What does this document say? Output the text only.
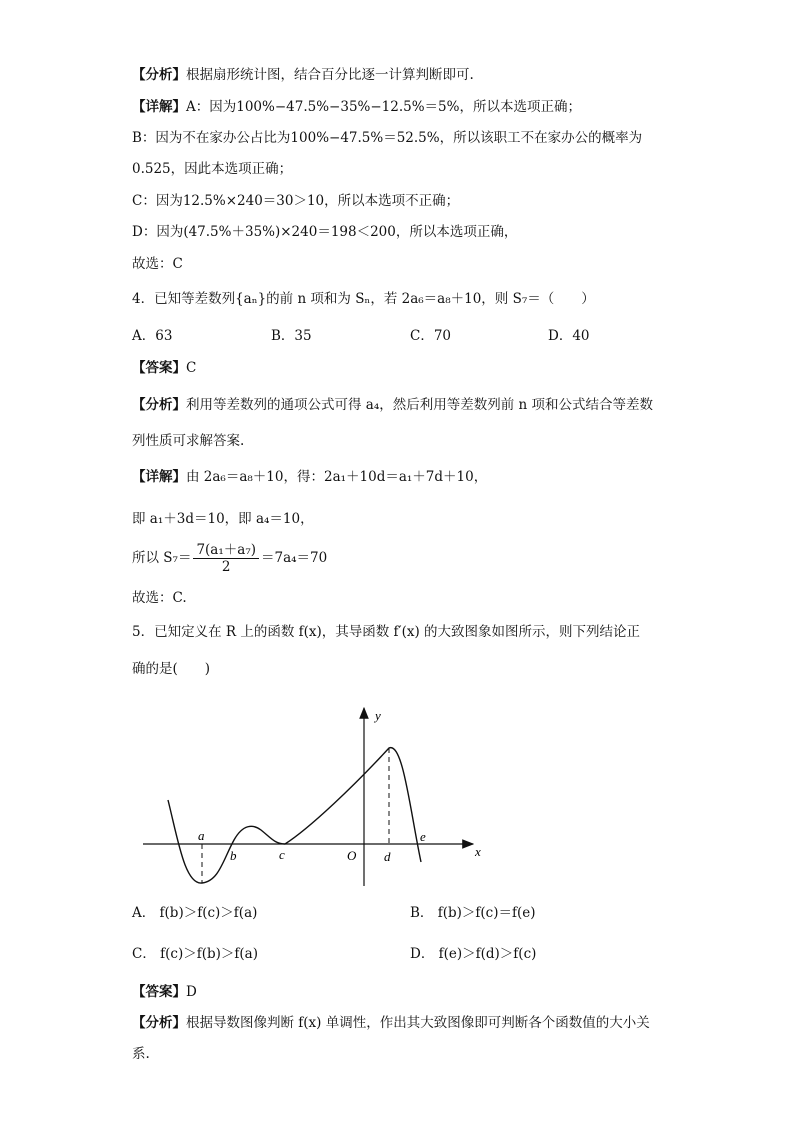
【分析】根据扇形统计图，结合百分比逐一计算判断即可.
【详解】A：因为100%−47.5%−35%−12.5%＝5%，所以本选项正确；
B：因为不在家办公占比为100%−47.5%＝52.5%，所以该职工不在家办公的概率为
0.525，因此本选项正确；
C：因为12.5%×240＝30＞10，所以本选项不正确；
D：因为(47.5%＋35%)×240＝198＜200，所以本选项正确，
故选：C
4．已知等差数列{aₙ}的前 n 项和为 Sₙ，若 2a₆＝a₈＋10，则 S₇＝（　　）
A．63	B．35	C．70	D．40
【答案】C
【分析】利用等差数列的通项公式可得 a₄，然后利用等差数列前 n 项和公式结合等差数
列性质可求解答案.
【详解】由 2a₆＝a₈＋10，得：2a₁＋10d＝a₁＋7d＋10，
即 a₁＋3d＝10，即 a₄＝10，
所以 $S_7= \frac{\text{7(a₁＋a₇)}}{2} =7a_4=70$
故选：C.
5．已知定义在 R 上的函数 f(x)，其导函数 f′(x) 的大致图象如图所示，则下列结论正
确的是(　　)
y
x
a
b	c	O d
e
A． f(b)＞f(c)＞f(a)	B． f(b)＞f(c)＝f(e)
C． f(c)＞f(b)＞f(a)	D． f(e)＞f(d)＞f(c)
【答案】D
【分析】根据导数图像判断 f(x) 单调性，作出其大致图像即可判断各个函数值的大小关
系.
